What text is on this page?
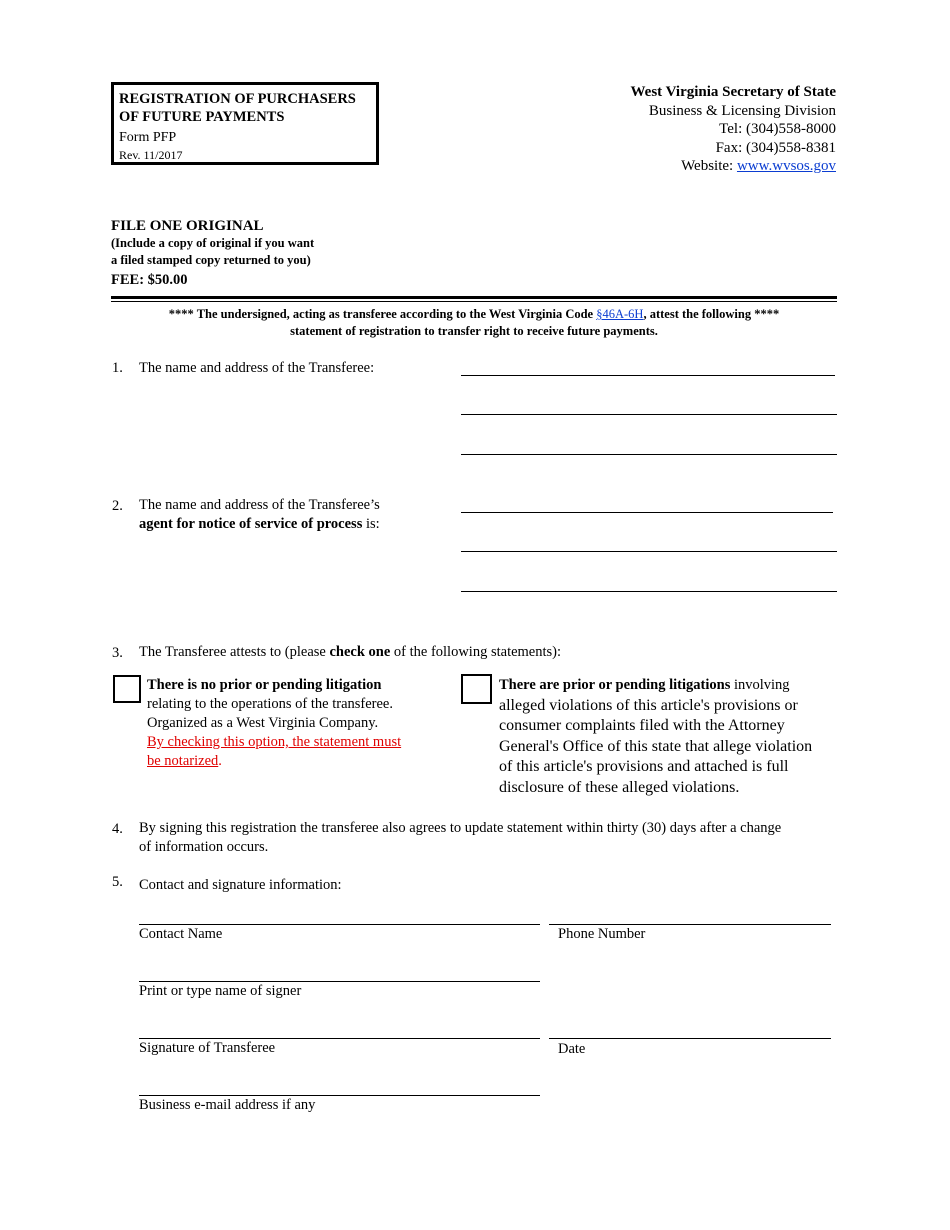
REGISTRATION OF PURCHASERS
OF FUTURE PAYMENTS
Form PFP
Rev. 11/2017
West Virginia Secretary of State
Business & Licensing Division
Tel: (304)558-8000
Fax: (304)558-8381
Website: www.wvsos.gov
FILE ONE ORIGINAL
(Include a copy of original if you want
a filed stamped copy returned to you)
FEE: $50.00
**** The undersigned, acting as transferee according to the West Virginia Code §46A-6H, attest the following ****
statement of registration to transfer right to receive future payments.
1. The name and address of the Transferee:
2. The name and address of the Transferee’s
agent for notice of service of process is:
3. The Transferee attests to (please check one of the following statements):
There is no prior or pending litigation
relating to the operations of the transferee.
Organized as a West Virginia Company.
By checking this option, the statement must
be notarized.
There are prior or pending litigations involving
alleged violations of this article's provisions or
consumer complaints filed with the Attorney
General's Office of this state that allege violation
of this article's provisions and attached is full
disclosure of these alleged violations.
4. By signing this registration the transferee also agrees to update statement within thirty (30) days after a change
of information occurs.
5. Contact and signature information:
Contact Name	Phone Number
Print or type name of signer
Signature of Transferee	Date
Business e-mail address if any
